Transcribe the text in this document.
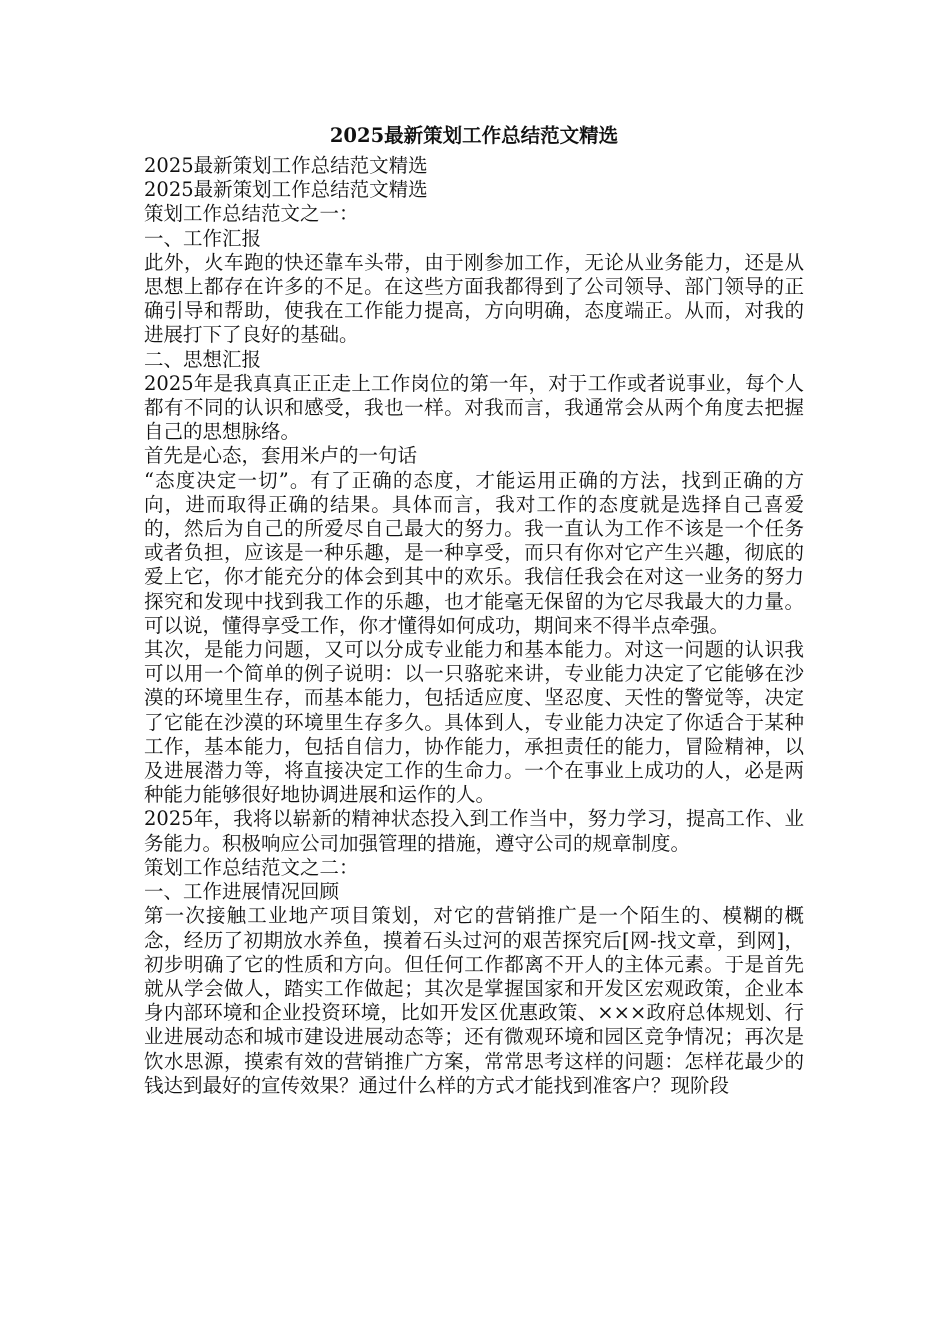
2025最新策划工作总结范文精选

2025最新策划工作总结范文精选

2025最新策划工作总结范文精选

策划工作总结范文之一：

一、工作汇报

此外，火车跑的快还靠车头带，由于刚参加工作，无论从业务能力，还是从思想上都存在许多的不足。在这些方面我都得到了公司领导、部门领导的正确引导和帮助，使我在工作能力提高，方向明确，态度端正。从而，对我的进展打下了良好的基础。

二、思想汇报

2025年是我真真正正走上工作岗位的第一年，对于工作或者说事业，每个人都有不同的认识和感受，我也一样。对我而言，我通常会从两个角度去把握自己的思想脉络。

首先是心态，套用米卢的一句话

“态度决定一切”。有了正确的态度，才能运用正确的方法，找到正确的方向，进而取得正确的结果。具体而言，我对工作的态度就是选择自己喜爱的，然后为自己的所爱尽自己最大的努力。我一直认为工作不该是一个任务或者负担，应该是一种乐趣，是一种享受，而只有你对它产生兴趣，彻底的爱上它，你才能充分的体会到其中的欢乐。我信任我会在对这一业务的努力探究和发现中找到我工作的乐趣，也才能毫无保留的为它尽我最大的力量。可以说，懂得享受工作，你才懂得如何成功，期间来不得半点牵强。

其次，是能力问题，又可以分成专业能力和基本能力。对这一问题的认识我可以用一个简单的例子说明：以一只骆驼来讲，专业能力决定了它能够在沙漠的环境里生存，而基本能力，包括适应度、坚忍度、天性的警觉等，决定了它能在沙漠的环境里生存多久。具体到人，专业能力决定了你适合于某种工作，基本能力，包括自信力，协作能力，承担责任的能力，冒险精神，以及进展潜力等，将直接决定工作的生命力。一个在事业上成功的人，必是两种能力能够很好地协调进展和运作的人。

2025年，我将以崭新的精神状态投入到工作当中，努力学习，提高工作、业务能力。积极响应公司加强管理的措施，遵守公司的规章制度。

策划工作总结范文之二：

一、工作进展情况回顾

第一次接触工业地产项目策划，对它的营销推广是一个陌生的、模糊的概念，经历了初期放水养鱼，摸着石头过河的艰苦探究后[网-找文章，到网]，初步明确了它的性质和方向。但任何工作都离不开人的主体元素。于是首先就从学会做人，踏实工作做起；其次是掌握国家和开发区宏观政策，企业本身内部环境和企业投资环境，比如开发区优惠政策、×××政府总体规划、行业进展动态和城市建设进展动态等；还有微观环境和园区竞争情况；再次是饮水思源，摸索有效的营销推广方案，常常思考这样的问题：怎样花最少的钱达到最好的宣传效果？通过什么样的方式才能找到准客户？现阶段
